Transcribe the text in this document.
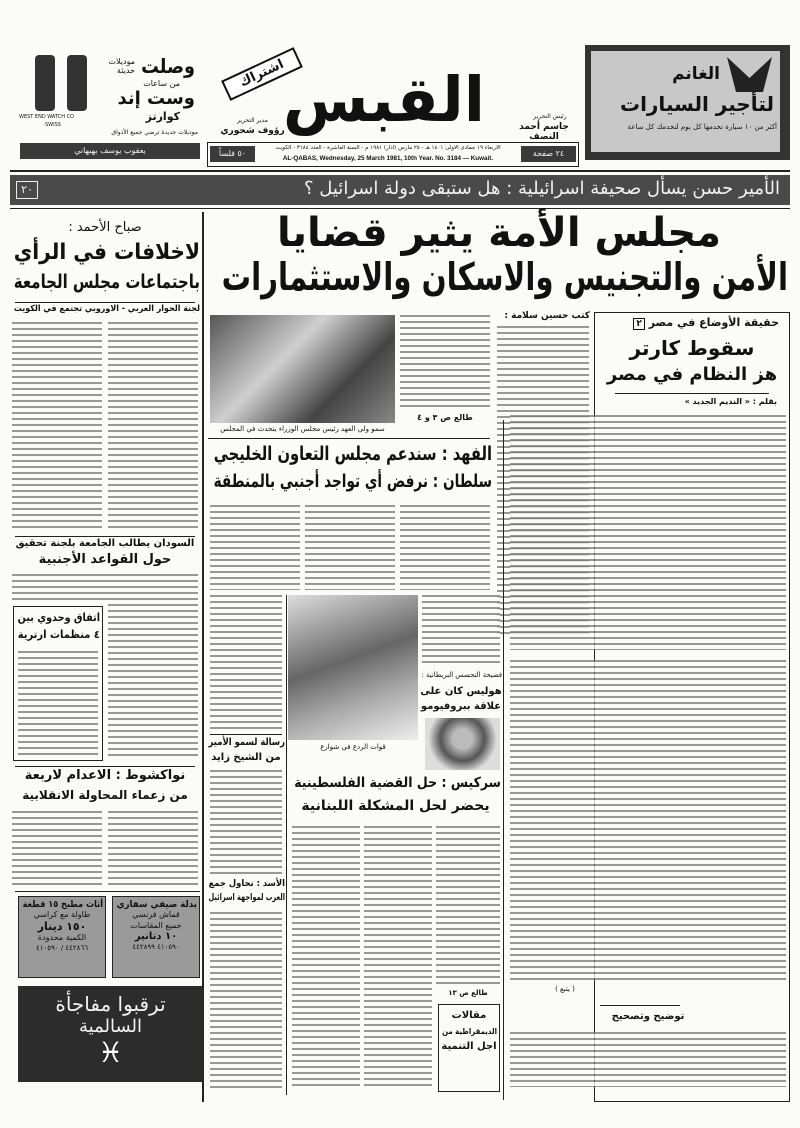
وصلت
موديلات حديثة
من ساعات
وست إند
كوارتز
موديلات جديدة ترضي جميع الأذواق
WEST END WATCH CO
SWISS
يعقوب يوسف بهبهاني
اشتراك
القبس
مدير التحرير
رؤوف شحوري
رئيس التحرير
جاسم أحمد النصف
٥٠ فلساً	٢٤ صفحة
الاربعاء ١٩ جمادى الاولى ١٤٠١ هـ - ٢٥ مارس (اذار) ١٩٨١ م - السنة العاشرة - العدد ٣١٨٤ - الكويت
AL-QABAS, Wednesday, 25 March 1981, 10th Year. No. 3184 — Kuwait.
الغانم
لتأجير السيارات
أكثر من ١٠ سيارة نخدمها كل يوم لنخدمك كل ساعة
الأمير حسن يسأل صحيفة اسرائيلية : هل ستبقى دولة اسرائيل ؟
٢٠
مجلس الأمة يثير قضايا
الأمن والتجنيس والاسكان والاستثمارات
صباح الأحمد :
لاخلافات في الرأي
باجتماعات مجلس الجامعة
لجنة الحوار العربي - الاوروبي تجتمع في الكويت
السودان يطالب الجامعة بلجنة تحقيق
حول القواعد الأجنبية
اتفاق وحدوي بين
٤ منظمات ارترية
نواكشوط : الاعدام لاربعة
من زعماء المحاولة الانقلابية
أثاث مطبخ ١٥ قطعة
طاولة مع كراسي
١٥٠ دينار
الكمية محدودة
٤٤٢٨٦٦ / ٤١٠٥٩٠
بدلة صيفي سفاري
قماش فرنسي
جميع المقاسات
١٠ دنانير
٤١٠٥٩٠ ٤٤٢٨٩٩
ترقبوا مفاجأة
السالمية
♓
سمو ولي العهد رئيس مجلس الوزراء يتحدث في المجلس
طالع ص ٣ و ٤
كتب حسين سلامة :
الفهد : سندعم مجلس التعاون الخليجي
سلطان : نرفض أي تواجد أجنبي بالمنطقة
قوات الردع في شوارع
رسالة لسمو الأمير
من الشيخ زايد
الأسد : نحاول جمع
العرب لمواجهة اسرائيل
فضيحة التجسس البريطانية :
هوليس كان على
علاقة ببروفيومو
سركيس : حل القضية الفلسطينية
يحضر لحل المشكلة اللبنانية
طالع ص ١٣
مقالات
الديمقراطية من
اجل التنمية
حقيقة الأوضاع في مصر ٢
سقوط كارتر
هز النظام في مصر
بقلم : « النديم الجديد »
( يتبع )
توضيح وتصحيح
